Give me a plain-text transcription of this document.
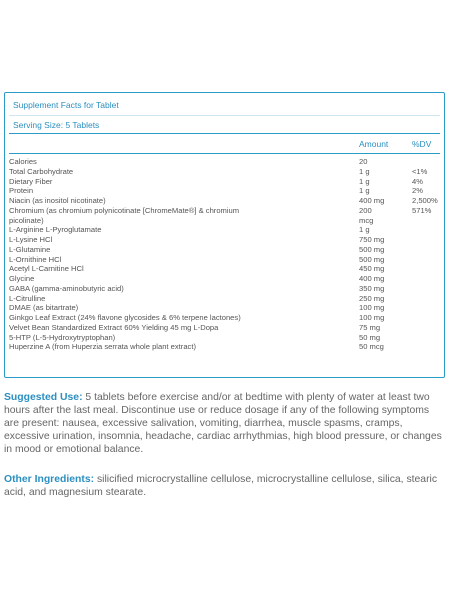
Supplement Facts for Tablet
Serving Size: 5 Tablets
Amount	%DV
Calories	20
Total Carbohydrate	1 g	<1%
Dietary Fiber	1 g	4%
Protein	1 g	2%
Niacin (as inositol nicotinate)	400 mg	2,500%
Chromium (as chromium polynicotinate [ChromeMate®] & chromium	200	571%
picolinate)	mcg
L-Arginine L-Pyroglutamate	1 g
L-Lysine HCl	750 mg
L-Glutamine	500 mg
L-Ornithine HCl	500 mg
Acetyl L-Carnitine HCl	450 mg
Glycine	400 mg
GABA (gamma-aminobutyric acid)	350 mg
L-Citrulline	250 mg
DMAE (as bitartrate)	100 mg
Ginkgo Leaf Extract (24% flavone glycosides & 6% terpene lactones)	100 mg
Velvet Bean Standardized Extract 60% Yielding 45 mg L-Dopa	75 mg
5-HTP (L-5-Hydroxytryptophan)	50 mg
Huperzine A (from Huperzia serrata whole plant extract)	50 mcg
Suggested Use: 5 tablets before exercise and/or at bedtime with plenty of water at least two hours after the last meal. Discontinue use or reduce dosage if any of the following symptoms are present: nausea, excessive salivation, vomiting, diarrhea, muscle spasms, cramps, excessive urination, insomnia, headache, cardiac arrhythmias, high blood pressure, or changes in mood or emotional balance.
Other Ingredients: silicified microcrystalline cellulose, microcrystalline cellulose, silica, stearic acid, and magnesium stearate.
